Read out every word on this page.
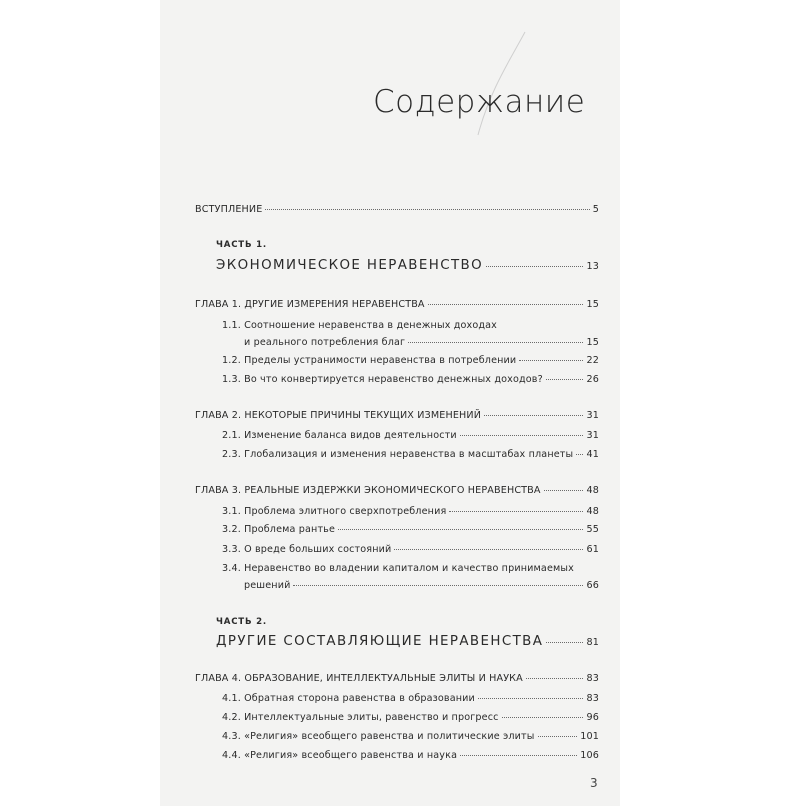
Содержание
ВСТУПЛЕНИЕ	5
ЧАСТЬ 1.
ЭКОНОМИЧЕСКОЕ НЕРАВЕНСТВО	13
ГЛАВА 1. ДРУГИЕ ИЗМЕРЕНИЯ НЕРАВЕНСТВА	15
1.1. Соотношение неравенства в денежных доходах
и реального потребления благ	15
1.2. Пределы устранимости неравенства в потреблении	22
1.3. Во что конвертируется неравенство денежных доходов?	26
ГЛАВА 2. НЕКОТОРЫЕ ПРИЧИНЫ ТЕКУЩИХ ИЗМЕНЕНИЙ	31
2.1. Изменение баланса видов деятельности	31
2.3. Глобализация и изменения неравенства в масштабах планеты 41
ГЛАВА 3. РЕАЛЬНЫЕ ИЗДЕРЖКИ ЭКОНОМИЧЕСКОГО НЕРАВЕНСТВА	48
3.1. Проблема элитного сверхпотребления	48
3.2. Проблема рантье	55
3.3. О вреде больших состояний	61
3.4. Неравенство во владении капиталом и качество принимаемых
решений	66
ЧАСТЬ 2.
ДРУГИЕ СОСТАВЛЯЮЩИЕ НЕРАВЕНСТВА	81
ГЛАВА 4. ОБРАЗОВАНИЕ, ИНТЕЛЛЕКТУАЛЬНЫЕ ЭЛИТЫ И НАУКА	83
4.1. Обратная сторона равенства в образовании	83
4.2. Интеллектуальные элиты, равенство и прогресс	96
4.3. «Религия» всеобщего равенства и политические элиты	101
4.4. «Религия» всеобщего равенства и наука	106
3
